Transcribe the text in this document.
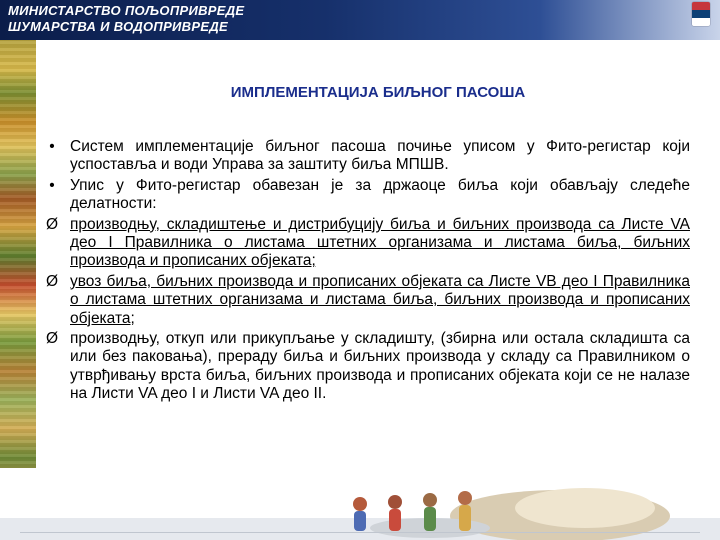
МИНИСТАРСТВО ПОЉОПРИВРЕДЕ
ШУМАРСТВА И ВОДОПРИВРЕДЕ
ИМПЛЕМЕНТАЦИЈА БИЉНОГ ПАСОША
• Систем имплементације биљног пасоша почиње уписом у Фито-регистар који успоставља и води Управа за заштиту биља МПШВ.
• Упис у Фито-регистар обавезан је за држаоце биља који обављају следеће делатности:
Ø производњу, складиштење и дистрибуцију биља и биљних производа са Листе VA део I Правилника о листама штетних организама и листама биља, биљних производа и прописаних објеката;
Ø увоз биља, биљних производа и прописаних објеката са Листе VB део I Правилника о листама штетних организама и листама биља, биљних производа и прописаних објеката;
Ø производњу, откуп или прикупљање у складишту, (збирна или остала складишта са или без паковања), прераду биља и биљних производа у складу са Правилником о утврђивању врста биља, биљних производа и прописаних објеката који се не налазе на Листи VA део I и Листи VA део II.
